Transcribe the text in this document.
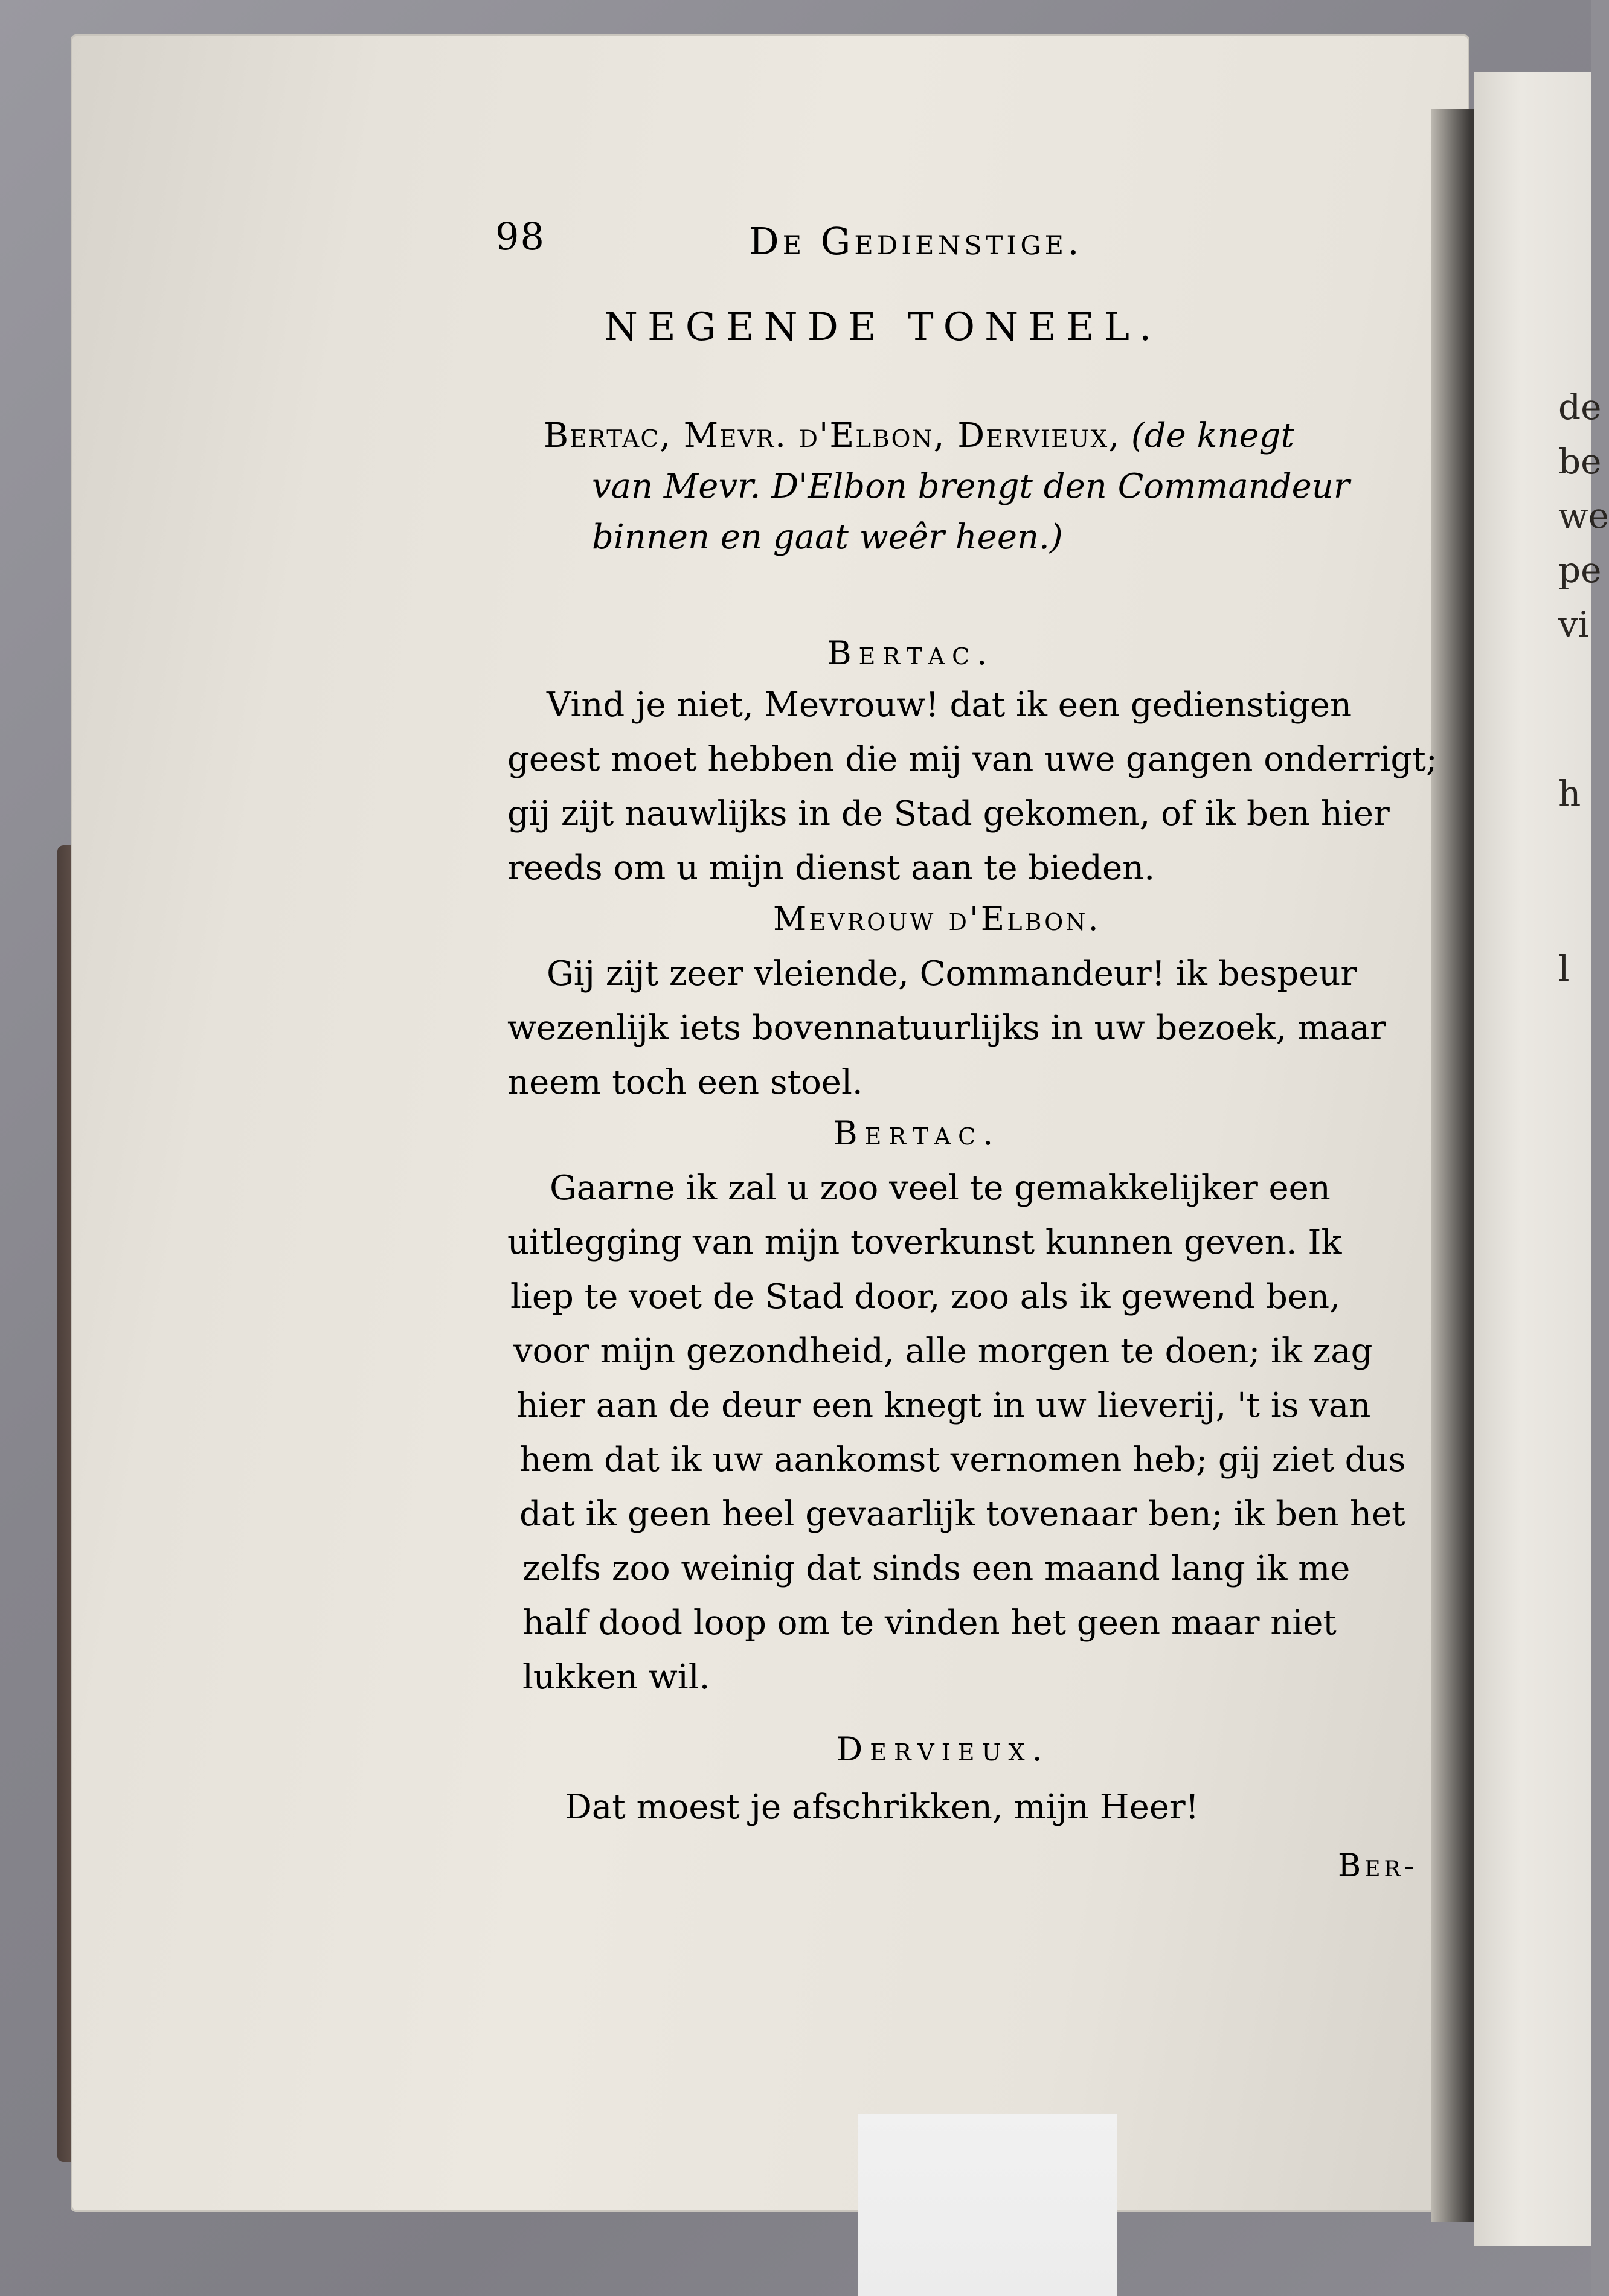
de
be
we
pe
vi
h
l
98	De Gedienstige.
NEGENDE TONEEL.
Bertac, Mevr. d'Elbon, Dervieux, (de knegt
van Mevr. D'Elbon brengt den Commandeur
binnen en gaat weêr heen.)
Bertac.
Vind je niet, Mevrouw! dat ik een gedienstigen
geest moet hebben die mij van uwe gangen onderrigt;
gij zijt nauwlijks in de Stad gekomen, of ik ben hier
reeds om u mijn dienst aan te bieden.
Mevrouw d'Elbon.
Gij zijt zeer vleiende, Commandeur! ik bespeur
wezenlijk iets bovennatuurlijks in uw bezoek, maar
neem toch een stoel.
Bertac.
Gaarne ik zal u zoo veel te gemakkelijker een
uitlegging van mijn toverkunst kunnen geven. Ik
liep te voet de Stad door, zoo als ik gewend ben,
voor mijn gezondheid, alle morgen te doen; ik zag
hier aan de deur een knegt in uw lieverij, 't is van
hem dat ik uw aankomst vernomen heb; gij ziet dus
dat ik geen heel gevaarlijk tovenaar ben; ik ben het
zelfs zoo weinig dat sinds een maand lang ik me
half dood loop om te vinden het geen maar niet
lukken wil.
Dervieux.
Dat moest je afschrikken, mijn Heer!
Ber-
